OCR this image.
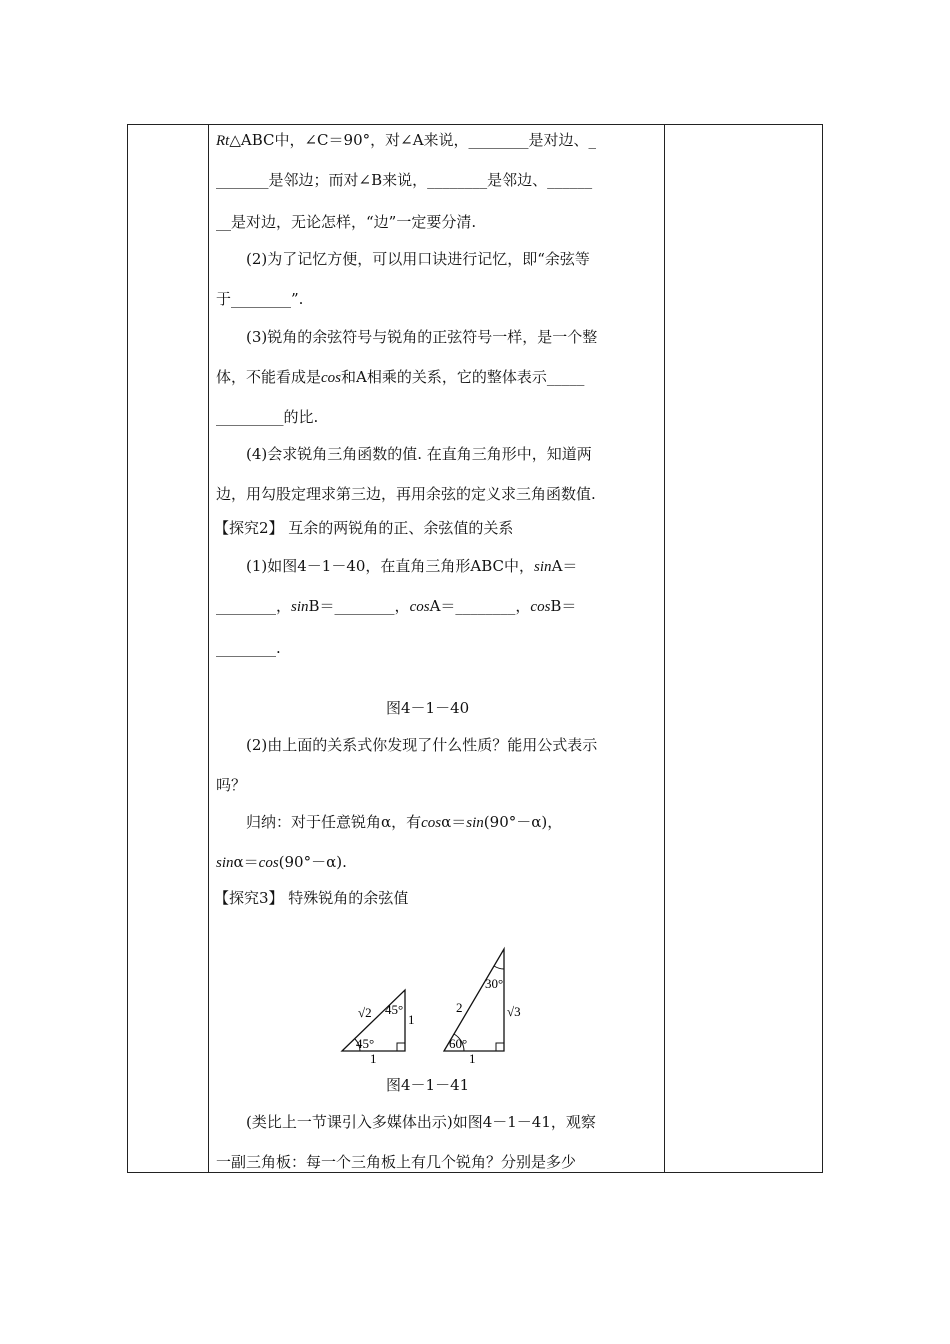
Rt△ABC中，∠C＝90°，对∠A来说，________是对边、_
_______是邻边；而对∠B来说，________是邻边、______
__是对边，无论怎样，“边”一定要分清.
(2)为了记忆方便，可以用口诀进行记忆，即“余弦等
于________”.
(3)锐角的余弦符号与锐角的正弦符号一样，是一个整
体，不能看成是cos和A相乘的关系，它的整体表示_____
_________的比.
(4)会求锐角三角函数的值. 在直角三角形中，知道两
边，用勾股定理求第三边，再用余弦的定义求三角函数值.
【探究2】 互余的两锐角的正、余弦值的关系
(1)如图4－1－40，在直角三角形ABC中，sinA＝
________，sinB＝________，cosA＝________，cosB＝
________.
图4－1－40
(2)由上面的关系式你发现了什么性质？能用公式表示
吗？
归纳：对于任意锐角α，有cosα＝sin(90°－α)，
sinα＝cos(90°－α).
【探究3】 特殊锐角的余弦值
√2 45°
1
45°
1
2
30°
√3
60°
1
图4－1－41
(类比上一节课引入多媒体出示)如图4－1－41，观察
一副三角板：每一个三角板上有几个锐角？分别是多少
